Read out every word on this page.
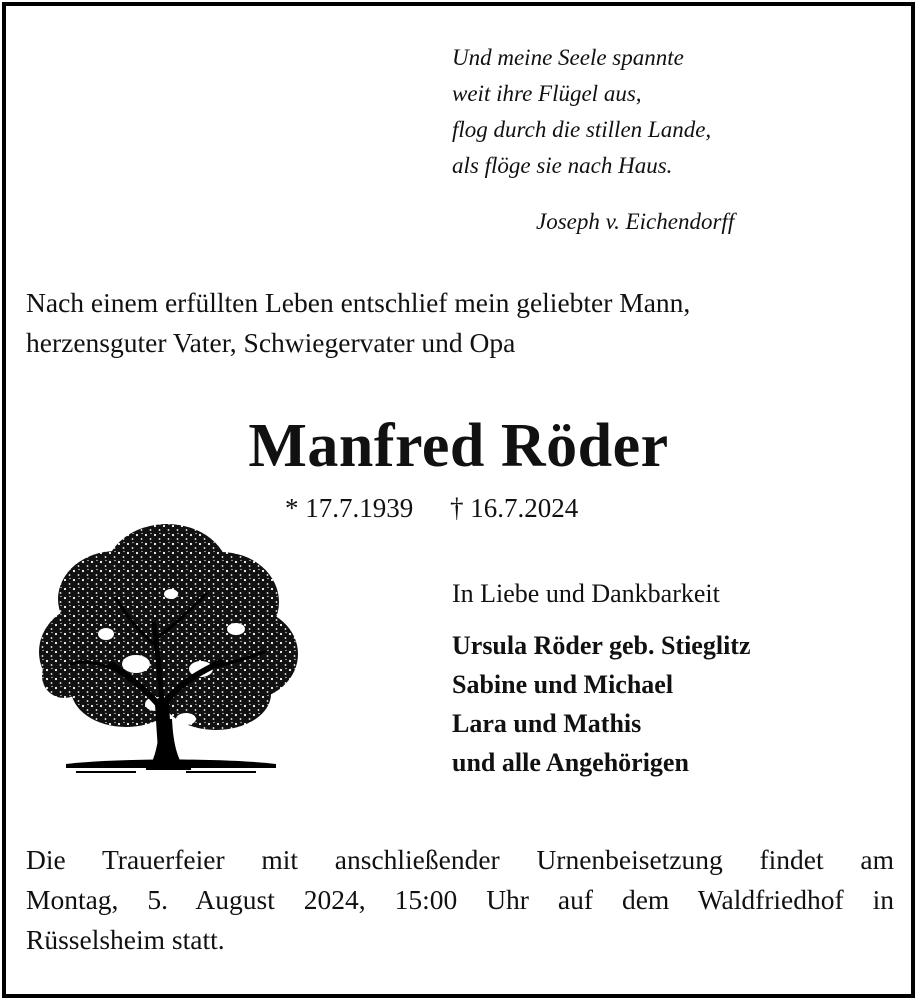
Und meine Seele spannte
weit ihre Flügel aus,
flog durch die stillen Lande,
als flöge sie nach Haus.
Joseph v. Eichendorff
Nach einem erfüllten Leben entschlief mein geliebter Mann,
herzensguter Vater, Schwiegervater und Opa
Manfred Röder
* 17.7.1939 † 16.7.2024
In Liebe und Dankbarkeit
Ursula Röder geb. Stieglitz
Sabine und Michael
Lara und Mathis
und alle Angehörigen
Die Trauerfeier mit anschließender Urnenbeisetzung findet am
Montag, 5. August 2024, 15:00 Uhr auf dem Waldfriedhof in
Rüsselsheim statt.
